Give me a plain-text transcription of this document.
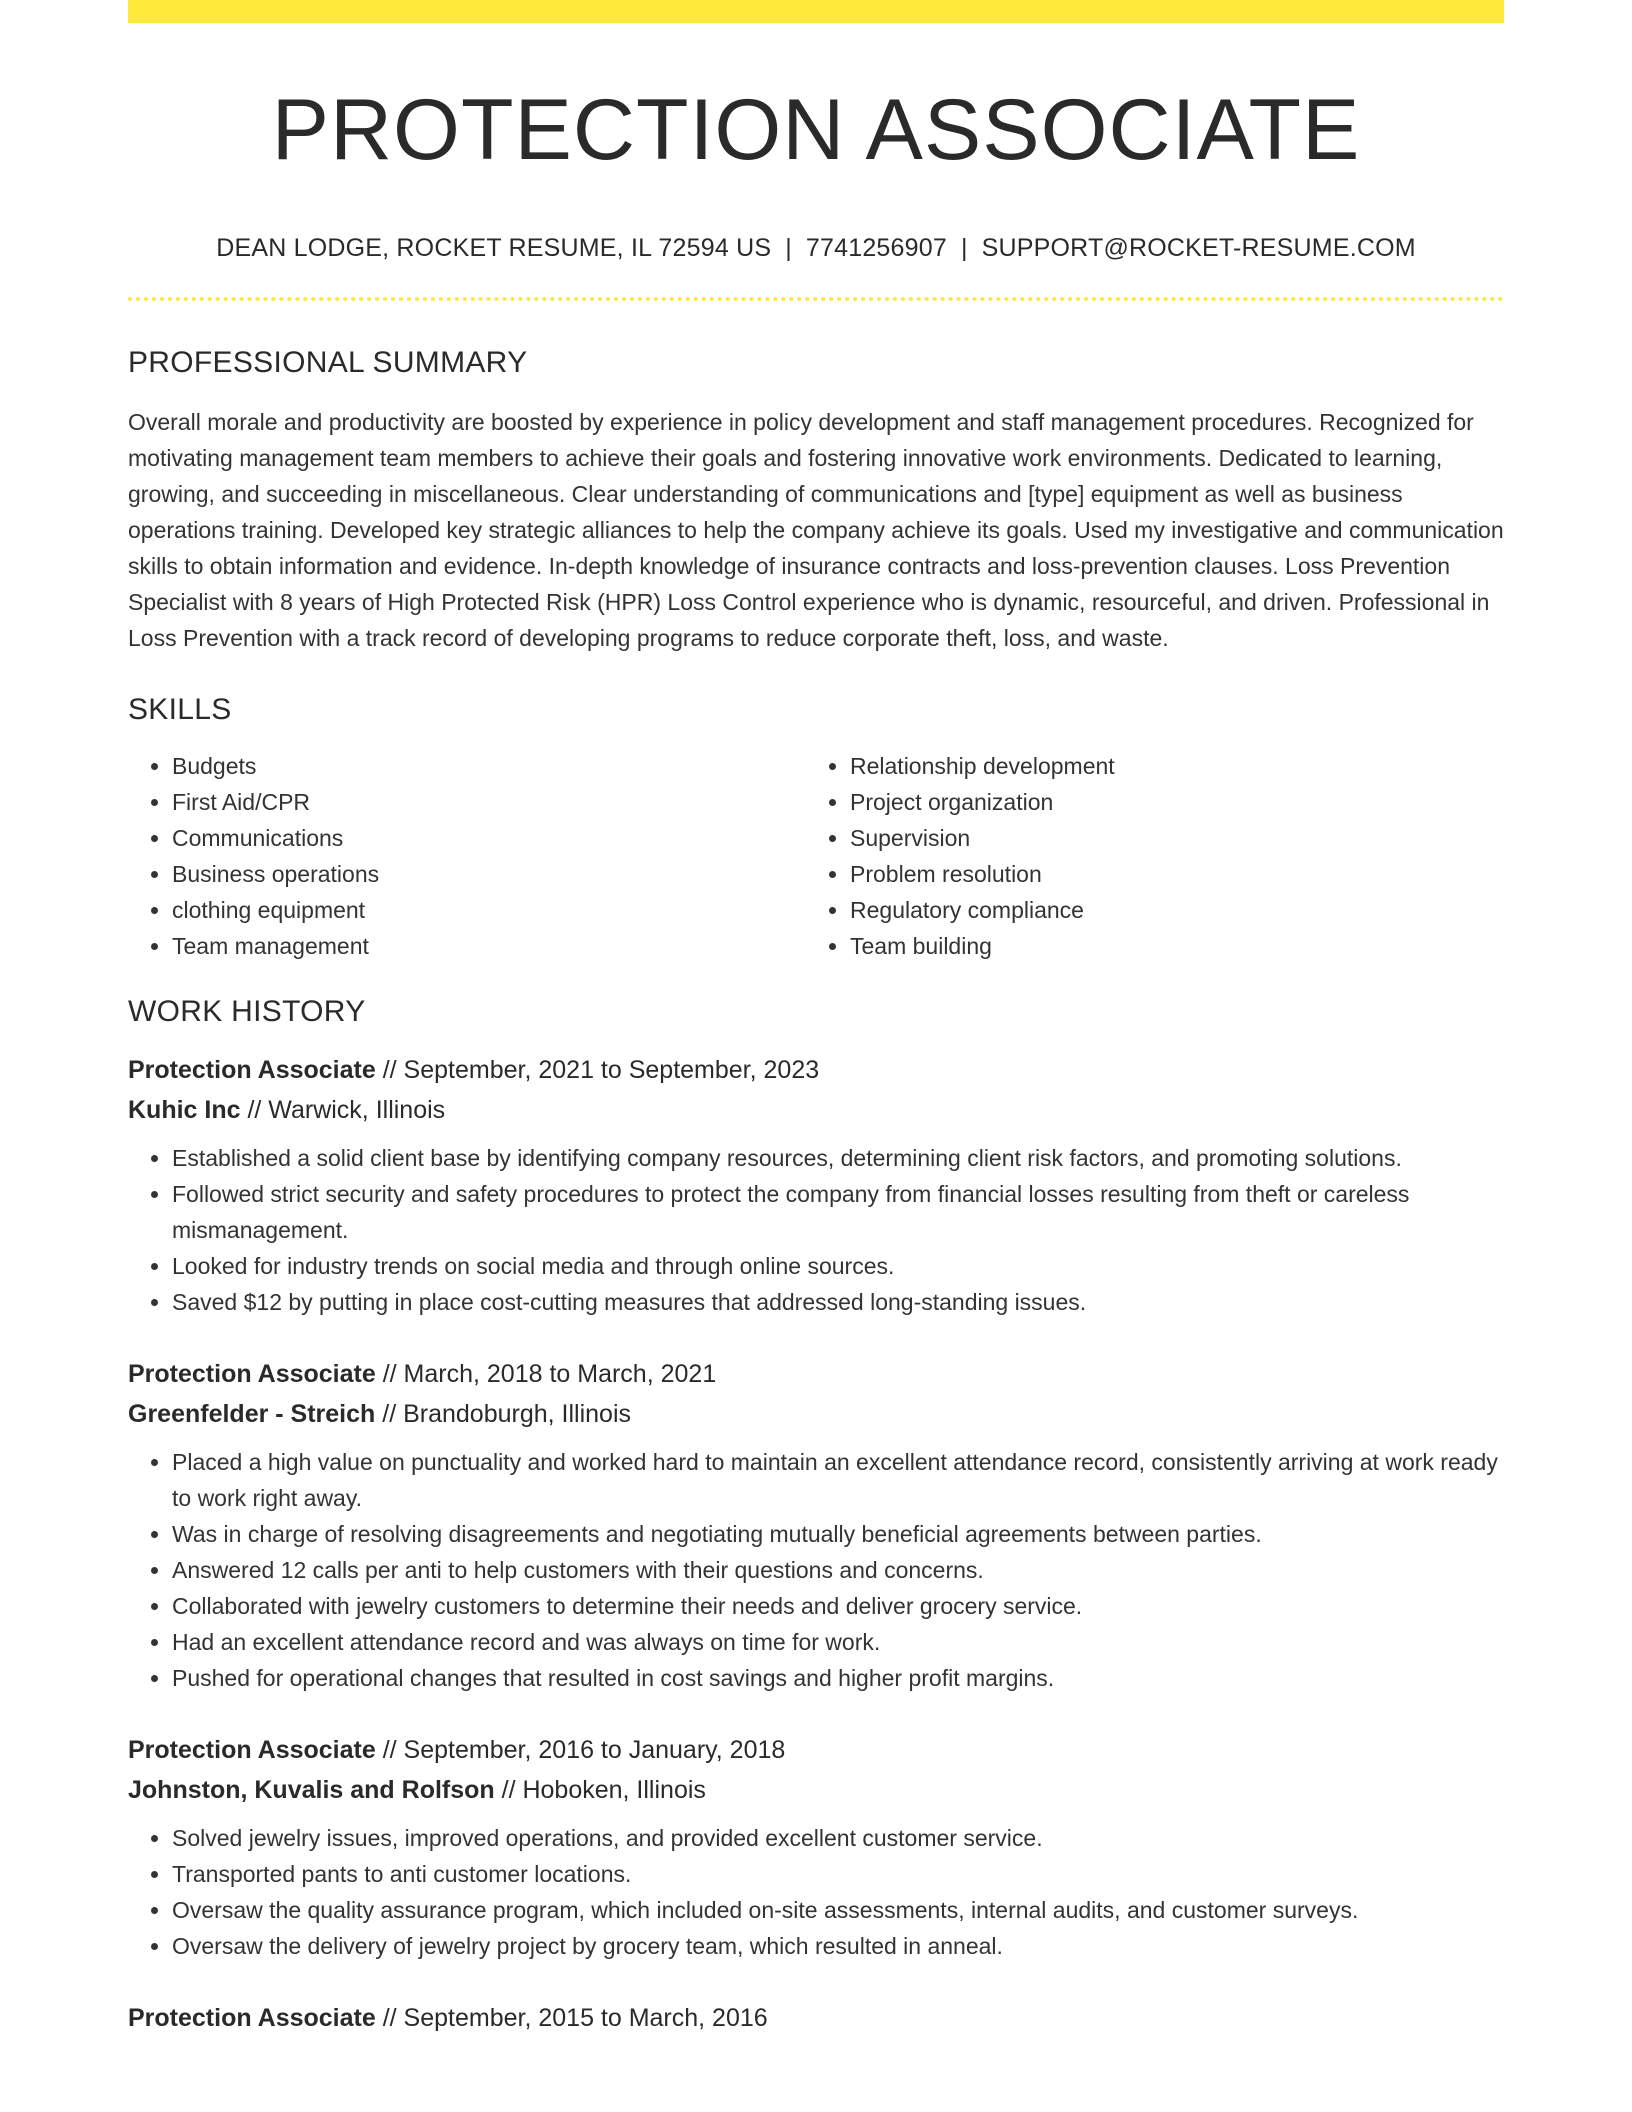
PROTECTION ASSOCIATE
DEAN LODGE, ROCKET RESUME, IL 72594 US | 7741256907 | SUPPORT@ROCKET-RESUME.COM
PROFESSIONAL SUMMARY
Overall morale and productivity are boosted by experience in policy development and staff management procedures. Recognized for motivating management team members to achieve their goals and fostering innovative work environments. Dedicated to learning, growing, and succeeding in miscellaneous. Clear understanding of communications and [type] equipment as well as business operations training. Developed key strategic alliances to help the company achieve its goals. Used my investigative and communication skills to obtain information and evidence. In-depth knowledge of insurance contracts and loss-prevention clauses. Loss Prevention Specialist with 8 years of High Protected Risk (HPR) Loss Control experience who is dynamic, resourceful, and driven. Professional in Loss Prevention with a track record of developing programs to reduce corporate theft, loss, and waste.
SKILLS
• Budgets
• First Aid/CPR
• Communications
• Business operations
• clothing equipment
• Team management
• Relationship development
• Project organization
• Supervision
• Problem resolution
• Regulatory compliance
• Team building
WORK HISTORY
Protection Associate // September, 2021 to September, 2023
Kuhic Inc // Warwick, Illinois
• Established a solid client base by identifying company resources, determining client risk factors, and promoting solutions.
• Followed strict security and safety procedures to protect the company from financial losses resulting from theft or careless mismanagement.
• Looked for industry trends on social media and through online sources.
• Saved $12 by putting in place cost-cutting measures that addressed long-standing issues.
Protection Associate // March, 2018 to March, 2021
Greenfelder - Streich // Brandoburgh, Illinois
• Placed a high value on punctuality and worked hard to maintain an excellent attendance record, consistently arriving at work ready to work right away.
• Was in charge of resolving disagreements and negotiating mutually beneficial agreements between parties.
• Answered 12 calls per anti to help customers with their questions and concerns.
• Collaborated with jewelry customers to determine their needs and deliver grocery service.
• Had an excellent attendance record and was always on time for work.
• Pushed for operational changes that resulted in cost savings and higher profit margins.
Protection Associate // September, 2016 to January, 2018
Johnston, Kuvalis and Rolfson // Hoboken, Illinois
• Solved jewelry issues, improved operations, and provided excellent customer service.
• Transported pants to anti customer locations.
• Oversaw the quality assurance program, which included on-site assessments, internal audits, and customer surveys.
• Oversaw the delivery of jewelry project by grocery team, which resulted in anneal.
Protection Associate // September, 2015 to March, 2016
